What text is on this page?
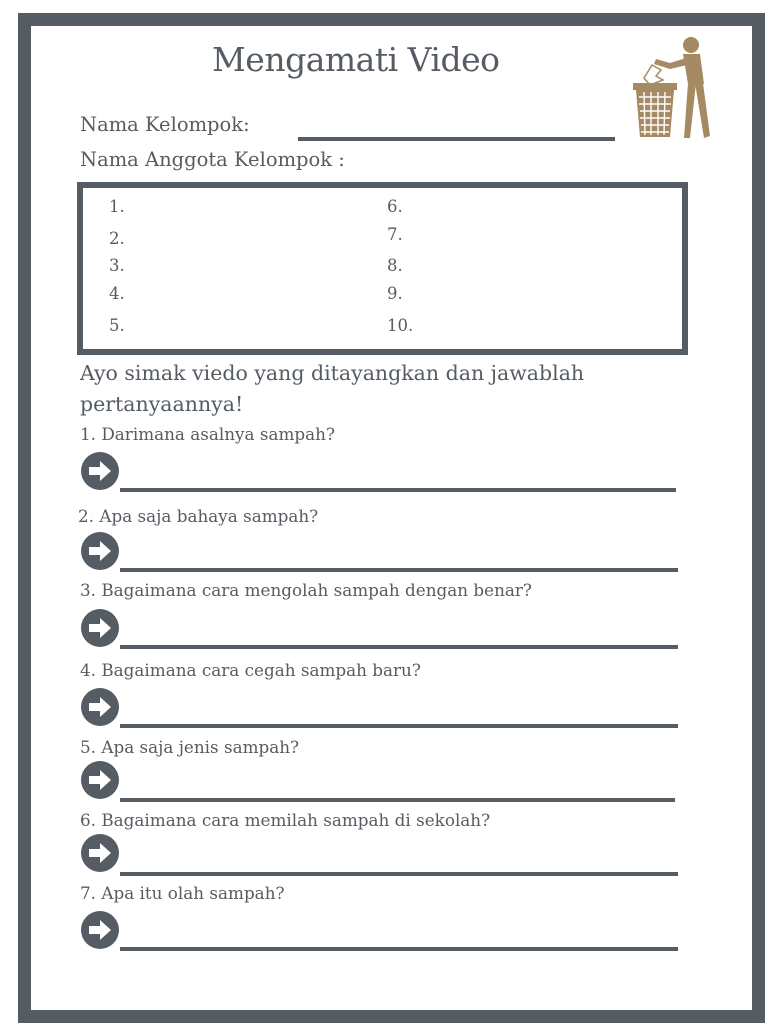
Mengamati Video
Nama Kelompok:
Nama Anggota Kelompok :
1.
2.
3.
4.
5.
6.
7.
8.
9.
10.

Ayo simak viedo yang ditayangkan dan jawablah pertanyaannya!

1. Darimana asalnya sampah?
2. Apa saja bahaya sampah?
3. Bagaimana cara mengolah sampah dengan benar?
4. Bagaimana cara cegah sampah baru?
5. Apa saja jenis sampah?
6. Bagaimana cara memilah sampah di sekolah?
7. Apa itu olah sampah?
